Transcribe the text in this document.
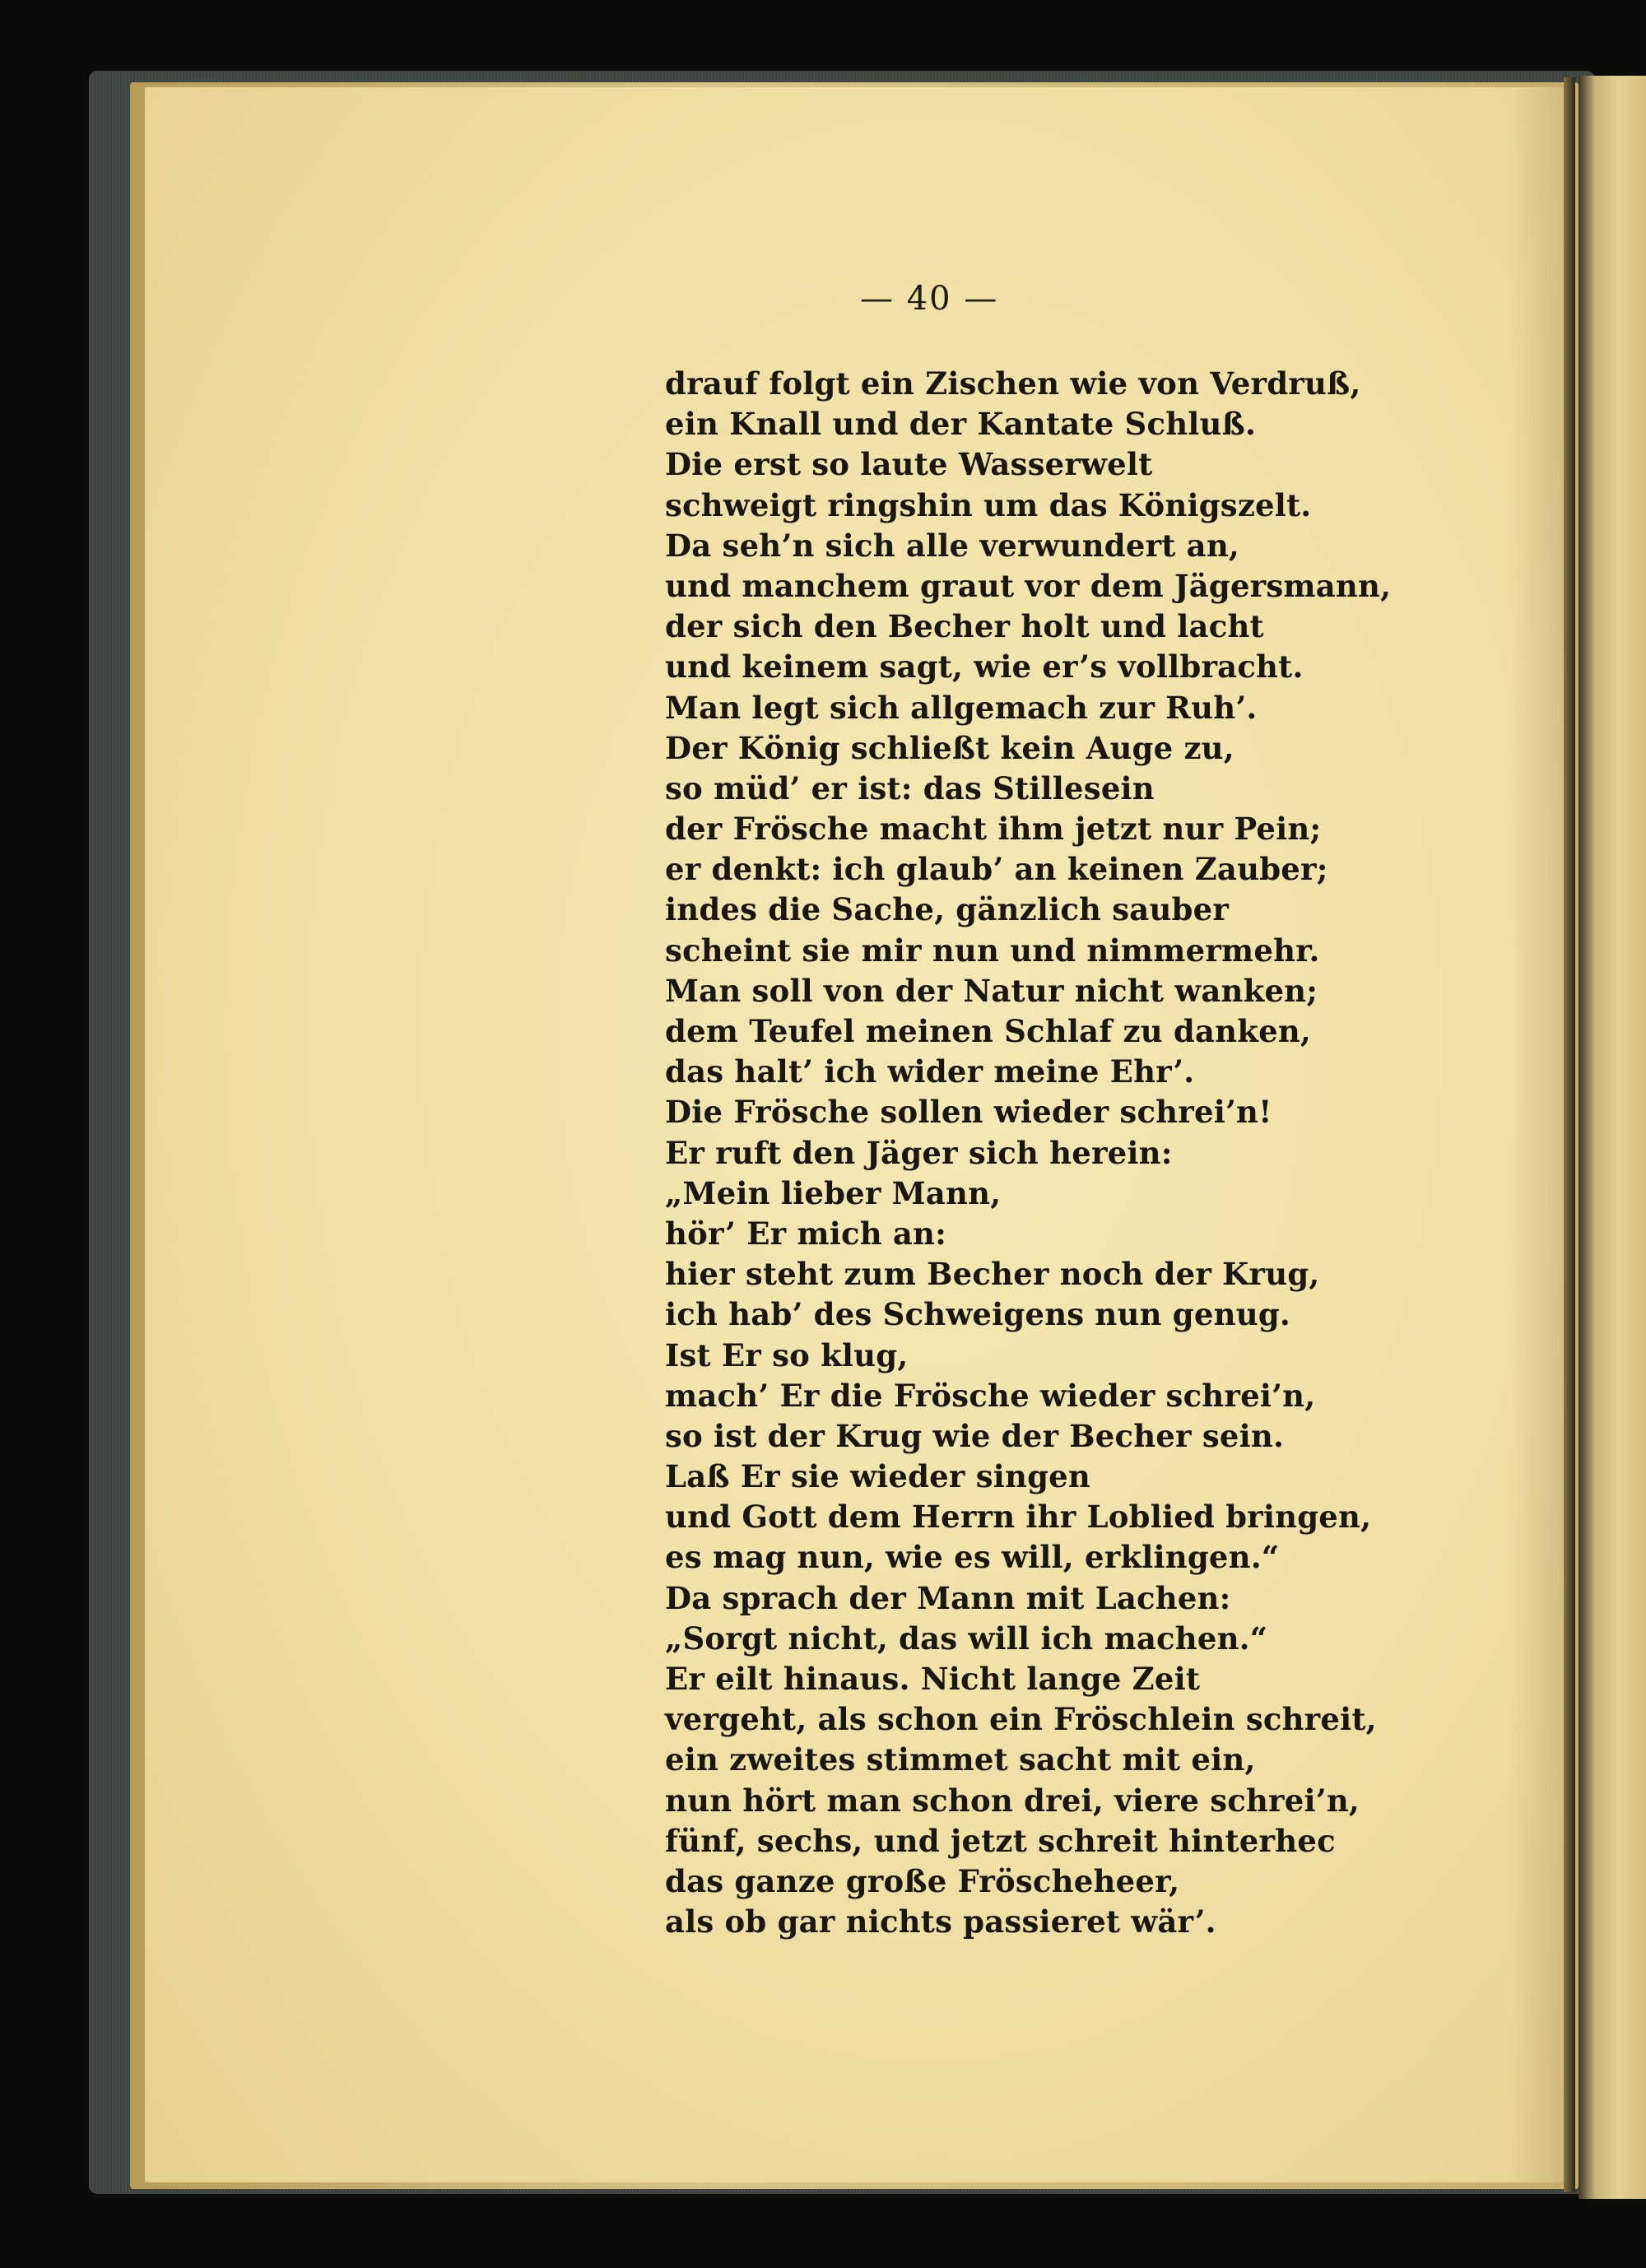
— 40 —
drauf folgt ein Zischen wie von Verdruß,
ein Knall und der Kantate Schluß.
Die erst so laute Wasserwelt
schweigt ringshin um das Königszelt.
Da seh’n sich alle verwundert an,
und manchem graut vor dem Jägersmann,
der sich den Becher holt und lacht
und keinem sagt, wie er’s vollbracht.
Man legt sich allgemach zur Ruh’.
Der König schließt kein Auge zu,
so müd’ er ist: das Stillesein
der Frösche macht ihm jetzt nur Pein;
er denkt: ich glaub’ an keinen Zauber;
indes die Sache, gänzlich sauber
scheint sie mir nun und nimmermehr.
Man soll von der Natur nicht wanken;
dem Teufel meinen Schlaf zu danken,
das halt’ ich wider meine Ehr’.
Die Frösche sollen wieder schrei’n!
Er ruft den Jäger sich herein:
„Mein lieber Mann,
hör’ Er mich an:
hier steht zum Becher noch der Krug,
ich hab’ des Schweigens nun genug.
Ist Er so klug,
mach’ Er die Frösche wieder schrei’n,
so ist der Krug wie der Becher sein.
Laß Er sie wieder singen
und Gott dem Herrn ihr Loblied bringen,
es mag nun, wie es will, erklingen.“
Da sprach der Mann mit Lachen:
„Sorgt nicht, das will ich machen.“
Er eilt hinaus. Nicht lange Zeit
vergeht, als schon ein Fröschlein schreit,
ein zweites stimmet sacht mit ein,
nun hört man schon drei, viere schrei’n,
fünf, sechs, und jetzt schreit hinterhec
das ganze große Fröscheheer,
als ob gar nichts passieret wär’.
